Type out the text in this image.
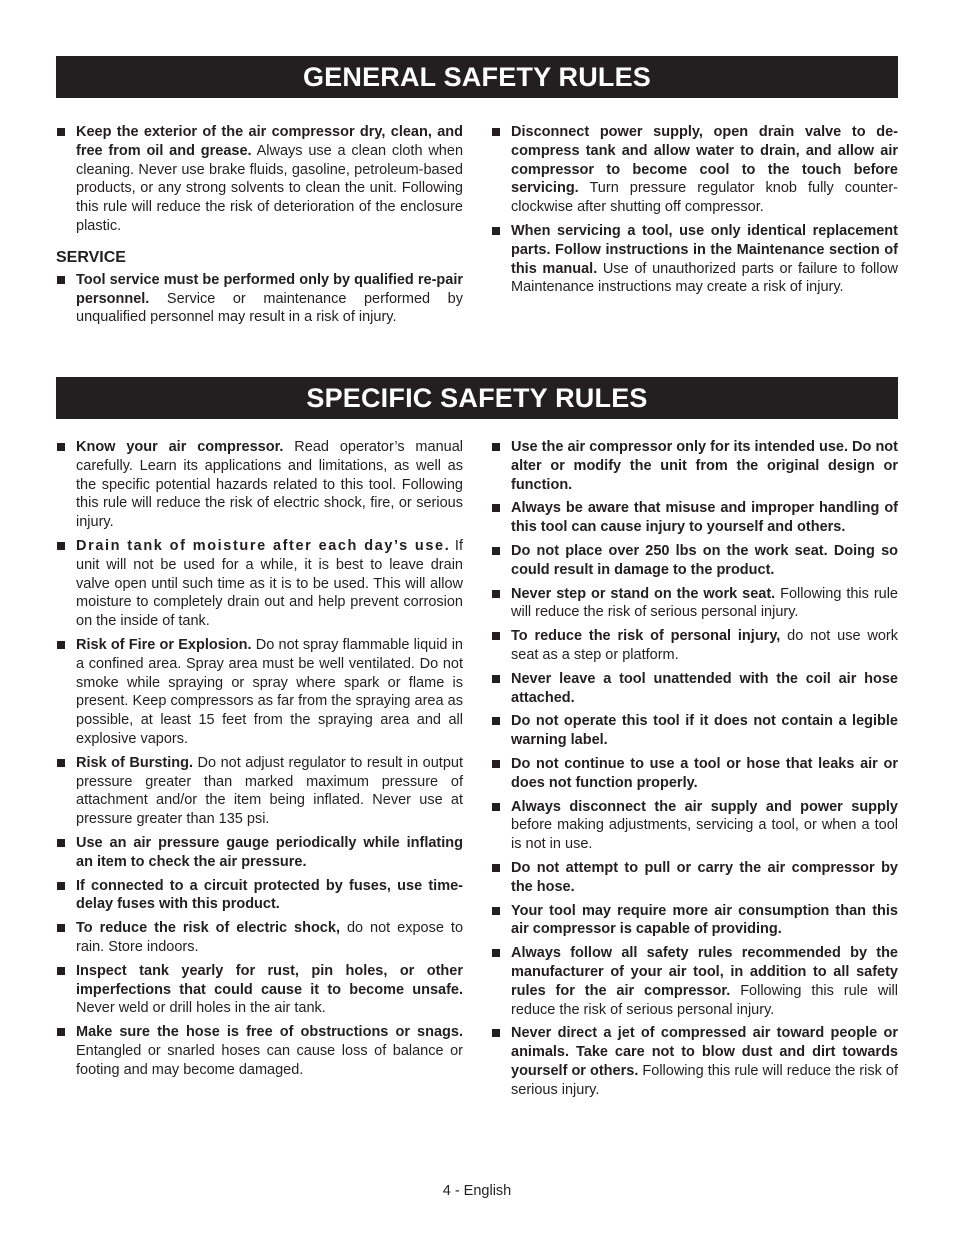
GENERAL SAFETY RULES
Keep the exterior of the air compressor dry, clean, and free from oil and grease. Always use a clean cloth when cleaning. Never use brake fluids, gasoline, petroleum-based products, or any strong solvents to clean the unit. Following this rule will reduce the risk of deterioration of the enclosure plastic.
SERVICE
Tool service must be performed only by qualified re-pair personnel. Service or maintenance performed by unqualified personnel may result in a risk of injury.
Disconnect power supply, open drain valve to de-compress tank and allow water to drain, and allow air compressor to become cool to the touch before servicing. Turn pressure regulator knob fully counter-clockwise after shutting off compressor.
When servicing a tool, use only identical replacement parts. Follow instructions in the Maintenance section of this manual. Use of unauthorized parts or failure to follow Maintenance instructions may create a risk of injury.
SPECIFIC SAFETY RULES
Know your air compressor. Read operator’s manual carefully. Learn its applications and limitations, as well as the specific potential hazards related to this tool. Following this rule will reduce the risk of electric shock, fire, or serious injury.
Drain tank of moisture after each day’s use. If unit will not be used for a while, it is best to leave drain valve open until such time as it is to be used. This will allow moisture to completely drain out and help prevent corrosion on the inside of tank.
Risk of Fire or Explosion. Do not spray flammable liquid in a confined area. Spray area must be well ventilated. Do not smoke while spraying or spray where spark or flame is present. Keep compressors as far from the spraying area as possible, at least 15 feet from the spraying area and all explosive vapors.
Risk of Bursting. Do not adjust regulator to result in output pressure greater than marked maximum pressure of attachment and/or the item being inflated. Never use at pressure greater than 135 psi.
Use an air pressure gauge periodically while inflating an item to check the air pressure.
If connected to a circuit protected by fuses, use time-delay fuses with this product.
To reduce the risk of electric shock, do not expose to rain. Store indoors.
Inspect tank yearly for rust, pin holes, or other imperfections that could cause it to become unsafe. Never weld or drill holes in the air tank.
Make sure the hose is free of obstructions or snags. Entangled or snarled hoses can cause loss of balance or footing and may become damaged.
Use the air compressor only for its intended use. Do not alter or modify the unit from the original design or function.
Always be aware that misuse and improper handling of this tool can cause injury to yourself and others.
Do not place over 250 lbs on the work seat. Doing so could result in damage to the product.
Never step or stand on the work seat. Following this rule will reduce the risk of serious personal injury.
To reduce the risk of personal injury, do not use work seat as a step or platform.
Never leave a tool unattended with the coil air hose attached.
Do not operate this tool if it does not contain a legible warning label.
Do not continue to use a tool or hose that leaks air or does not function properly.
Always disconnect the air supply and power supply before making adjustments, servicing a tool, or when a tool is not in use.
Do not attempt to pull or carry the air compressor by the hose.
Your tool may require more air consumption than this air compressor is capable of providing.
Always follow all safety rules recommended by the manufacturer of your air tool, in addition to all safety rules for the air compressor. Following this rule will reduce the risk of serious personal injury.
Never direct a jet of compressed air toward people or animals. Take care not to blow dust and dirt towards yourself or others. Following this rule will reduce the risk of serious injury.
4 - English
